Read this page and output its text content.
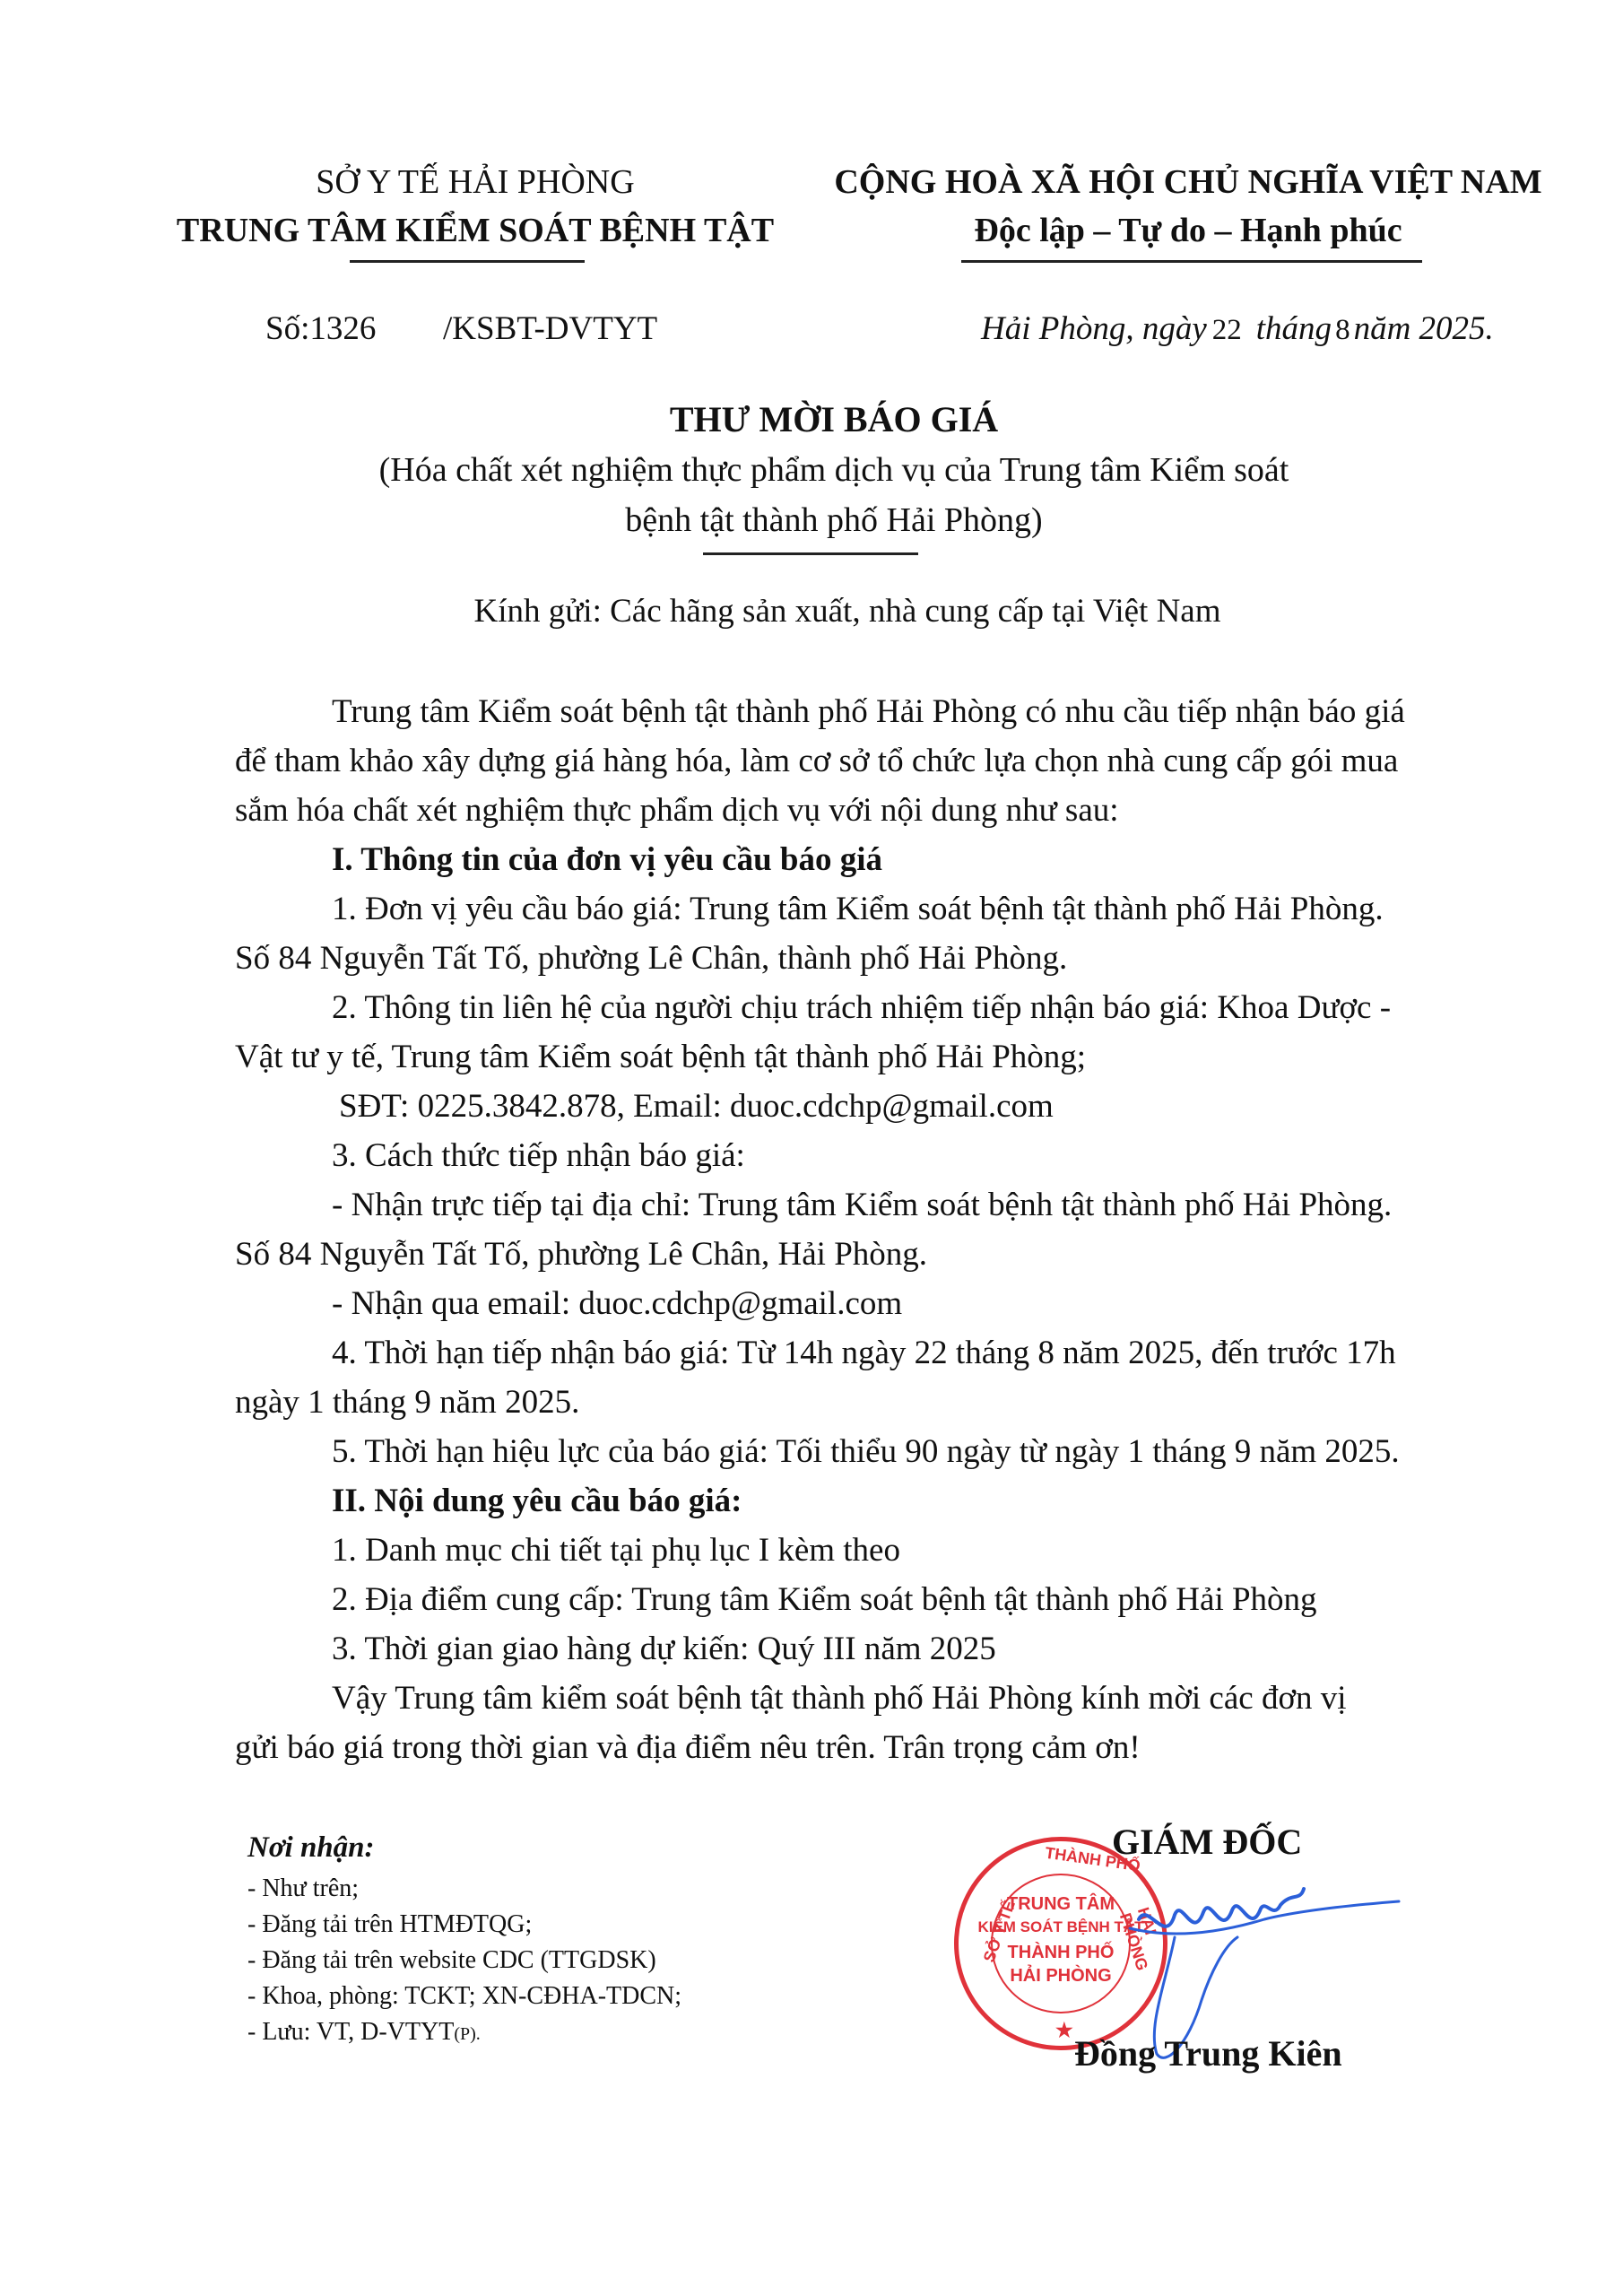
SỞ Y TẾ HẢI PHÒNG
TRUNG TÂM KIỂM SOÁT BỆNH TẬT
CỘNG HOÀ XÃ HỘI CHỦ NGHĨA VIỆT NAM
Độc lập – Tự do – Hạnh phúc
Số:1326 /KSBT-DVTYT	Hải Phòng, ngày 22 tháng 8 năm 2025.
THƯ MỜI BÁO GIÁ
(Hóa chất xét nghiệm thực phẩm dịch vụ của Trung tâm Kiểm soát
bệnh tật thành phố Hải Phòng)
Kính gửi: Các hãng sản xuất, nhà cung cấp tại Việt Nam
Trung tâm Kiểm soát bệnh tật thành phố Hải Phòng có nhu cầu tiếp nhận báo giá
để tham khảo xây dựng giá hàng hóa, làm cơ sở tổ chức lựa chọn nhà cung cấp gói mua
sắm hóa chất xét nghiệm thực phẩm dịch vụ với nội dung như sau:
I. Thông tin của đơn vị yêu cầu báo giá
1. Đơn vị yêu cầu báo giá: Trung tâm Kiểm soát bệnh tật thành phố Hải Phòng.
Số 84 Nguyễn Tất Tố, phường Lê Chân, thành phố Hải Phòng.
2. Thông tin liên hệ của người chịu trách nhiệm tiếp nhận báo giá: Khoa Dược -
Vật tư y tế, Trung tâm Kiểm soát bệnh tật thành phố Hải Phòng;
SĐT: 0225.3842.878, Email: duoc.cdchp@gmail.com
3. Cách thức tiếp nhận báo giá:
- Nhận trực tiếp tại địa chỉ: Trung tâm Kiểm soát bệnh tật thành phố Hải Phòng.
Số 84 Nguyễn Tất Tố, phường Lê Chân, Hải Phòng.
- Nhận qua email: duoc.cdchp@gmail.com
4. Thời hạn tiếp nhận báo giá: Từ 14h ngày 22 tháng 8 năm 2025, đến trước 17h
ngày 1 tháng 9 năm 2025.
5. Thời hạn hiệu lực của báo giá: Tối thiểu 90 ngày từ ngày 1 tháng 9 năm 2025.
II. Nội dung yêu cầu báo giá:
1. Danh mục chi tiết tại phụ lục I kèm theo
2. Địa điểm cung cấp: Trung tâm Kiểm soát bệnh tật thành phố Hải Phòng
3. Thời gian giao hàng dự kiến: Quý III năm 2025
Vậy Trung tâm kiểm soát bệnh tật thành phố Hải Phòng kính mời các đơn vị
gửi báo giá trong thời gian và địa điểm nêu trên. Trân trọng cảm ơn!
Nơi nhận:
- Như trên;
- Đăng tải trên HTMĐTQG;
- Đăng tải trên website CDC (TTGDSK)
- Khoa, phòng: TCKT; XN-CĐHA-TDCN;
- Lưu: VT, D-VTYT(P).
GIÁM ĐỐC
THÀNH PHỐ
SỞ Y TẾ	HẢI PHÒNG
★
TRUNG TÂM
KIỂM SOÁT BỆNH TẬT
THÀNH PHỐ
HẢI PHÒNG
Đồng Trung Kiên
